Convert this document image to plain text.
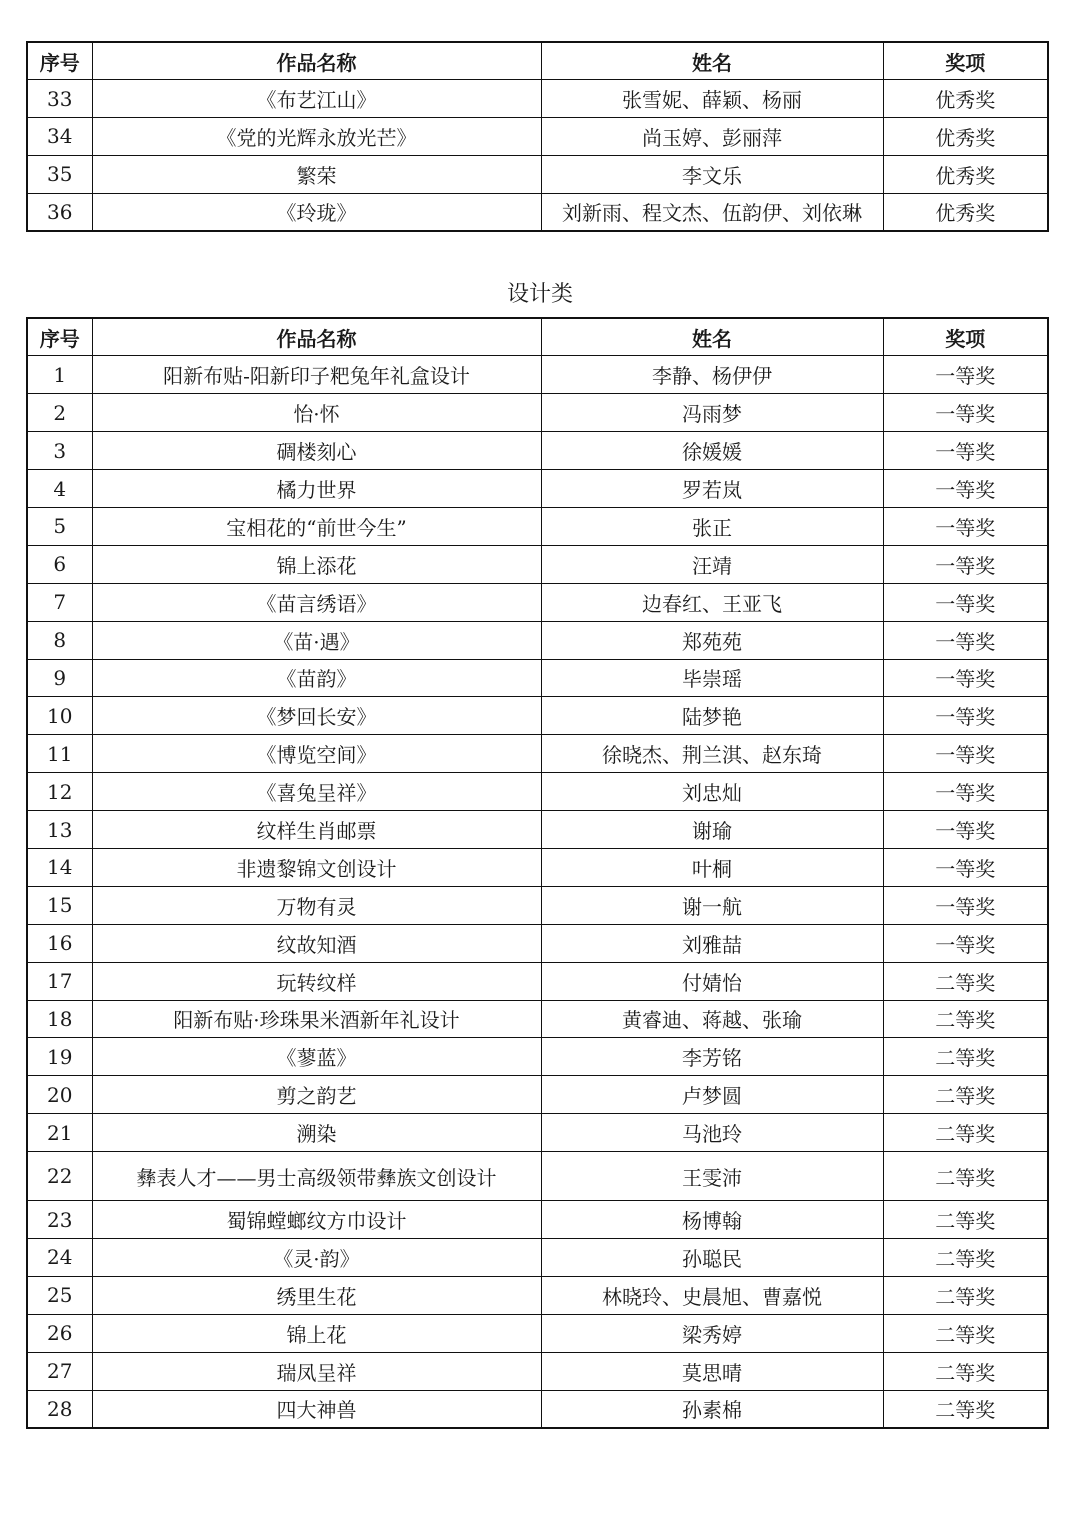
序号	作品名称	姓名	奖项
33	《布艺江山》	张雪妮、薛颖、杨丽	优秀奖
34	《党的光辉永放光芒》	尚玉婷、彭丽萍	优秀奖
35	繁荣	李文乐	优秀奖
36	《玲珑》	刘新雨、程文杰、伍韵伊、刘依琳	优秀奖
设计类
序号	作品名称	姓名	奖项
1	阳新布贴-阳新印子粑兔年礼盒设计	李静、杨伊伊	一等奖
2	怡·怀	冯雨梦	一等奖
3	碉楼刻心	徐媛媛	一等奖
4	橘力世界	罗若岚	一等奖
5	宝相花的“前世今生”	张正	一等奖
6	锦上添花	汪靖	一等奖
7	《苗言绣语》	边春红、王亚飞	一等奖
8	《苗·遇》	郑苑苑	一等奖
9	《苗韵》	毕崇瑶	一等奖
10	《梦回长安》	陆梦艳	一等奖
11	《博览空间》	徐晓杰、荆兰淇、赵东琦	一等奖
12	《喜兔呈祥》	刘忠灿	一等奖
13	纹样生肖邮票	谢瑜	一等奖
14	非遗黎锦文创设计	叶桐	一等奖
15	万物有灵	谢一航	一等奖
16	纹故知酒	刘雅喆	一等奖
17	玩转纹样	付婧怡	二等奖
18	阳新布贴·珍珠果米酒新年礼设计	黄睿迪、蒋越、张瑜	二等奖
19	《蓼蓝》	李芳铭	二等奖
20	剪之韵艺	卢梦圆	二等奖
21	溯染	马池玲	二等奖
22	彝表人才——男士高级领带彝族文创设计	王雯沛	二等奖
23	蜀锦螳螂纹方巾设计	杨博翰	二等奖
24	《灵·韵》	孙聪民	二等奖
25	绣里生花	林晓玲、史晨旭、曹嘉悦	二等奖
26	锦上花	梁秀婷	二等奖
27	瑞凤呈祥	莫思晴	二等奖
28	四大神兽	孙素棉	二等奖
